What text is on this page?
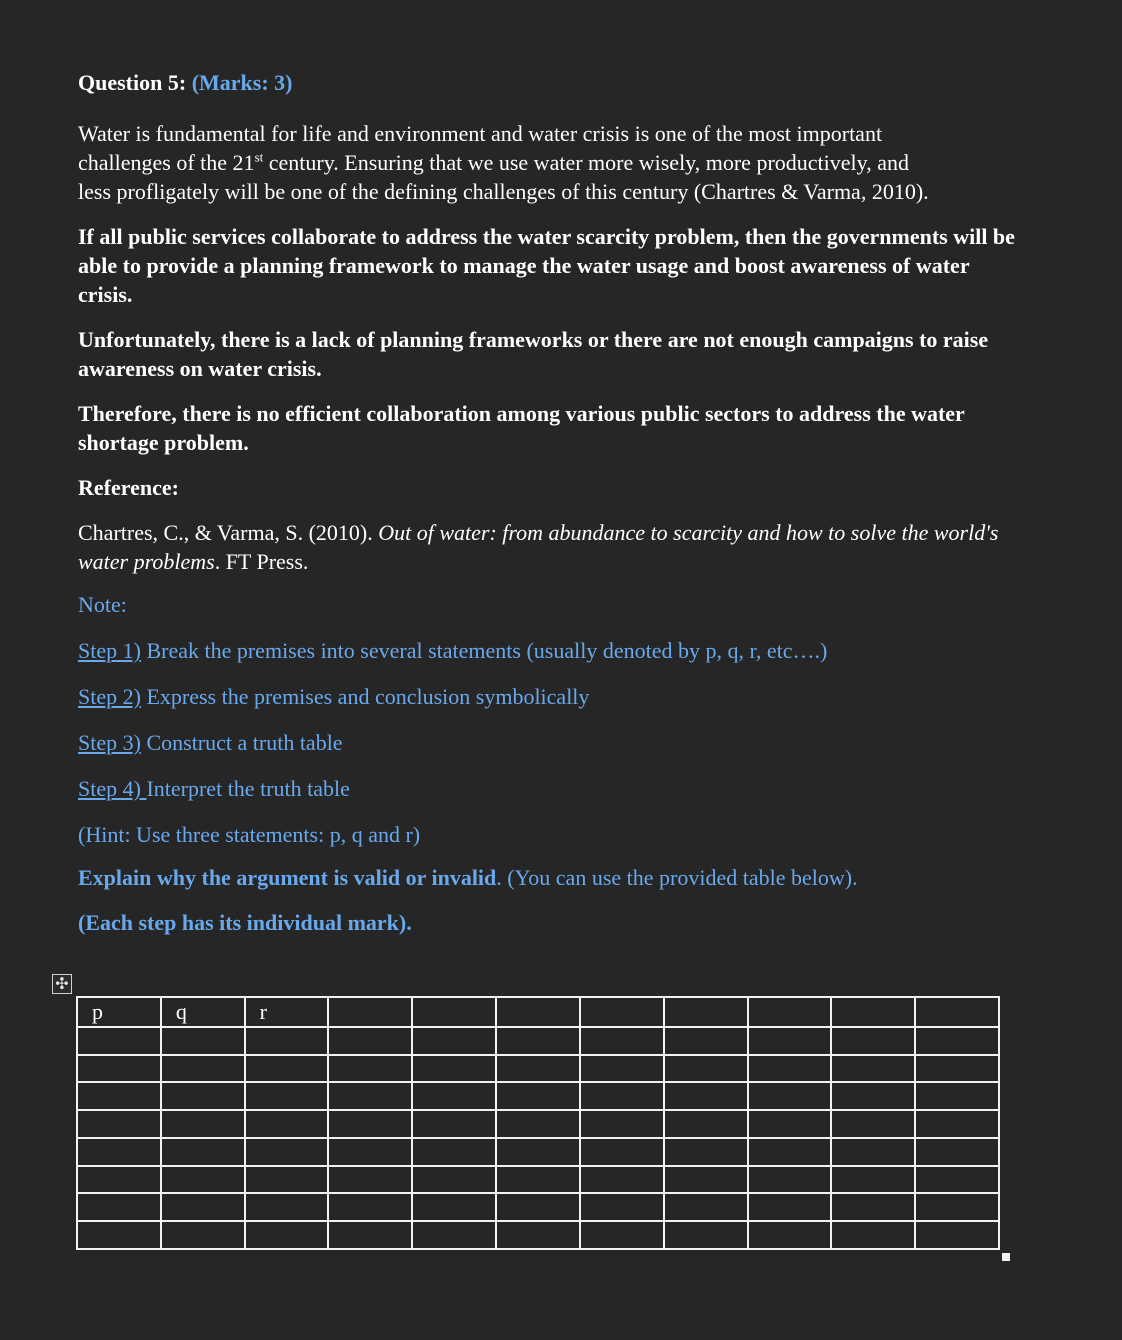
Question 5: (Marks: 3)

Water is fundamental for life and environment and water crisis is one of the most important
challenges of the 21st century. Ensuring that we use water more wisely, more productively, and
less profligately will be one of the defining challenges of this century (Chartres & Varma, 2010).

If all public services collaborate to address the water scarcity problem, then the governments will be able to provide a planning framework to manage the water usage and boost awareness of water crisis.

Unfortunately, there is a lack of planning frameworks or there are not enough campaigns to raise awareness on water crisis.

Therefore, there is no efficient collaboration among various public sectors to address the water shortage problem.

Reference:

Chartres, C., & Varma, S. (2010). Out of water: from abundance to scarcity and how to solve the world's water problems. FT Press.

Note:

Step 1) Break the premises into several statements (usually denoted by p, q, r, etc….)

Step 2) Express the premises and conclusion symbolically

Step 3) Construct a truth table

Step 4) Interpret the truth table

(Hint: Use three statements: p, q and r)

Explain why the argument is valid or invalid. (You can use the provided table below).

(Each step has its individual mark).

✣
p	q	r								
